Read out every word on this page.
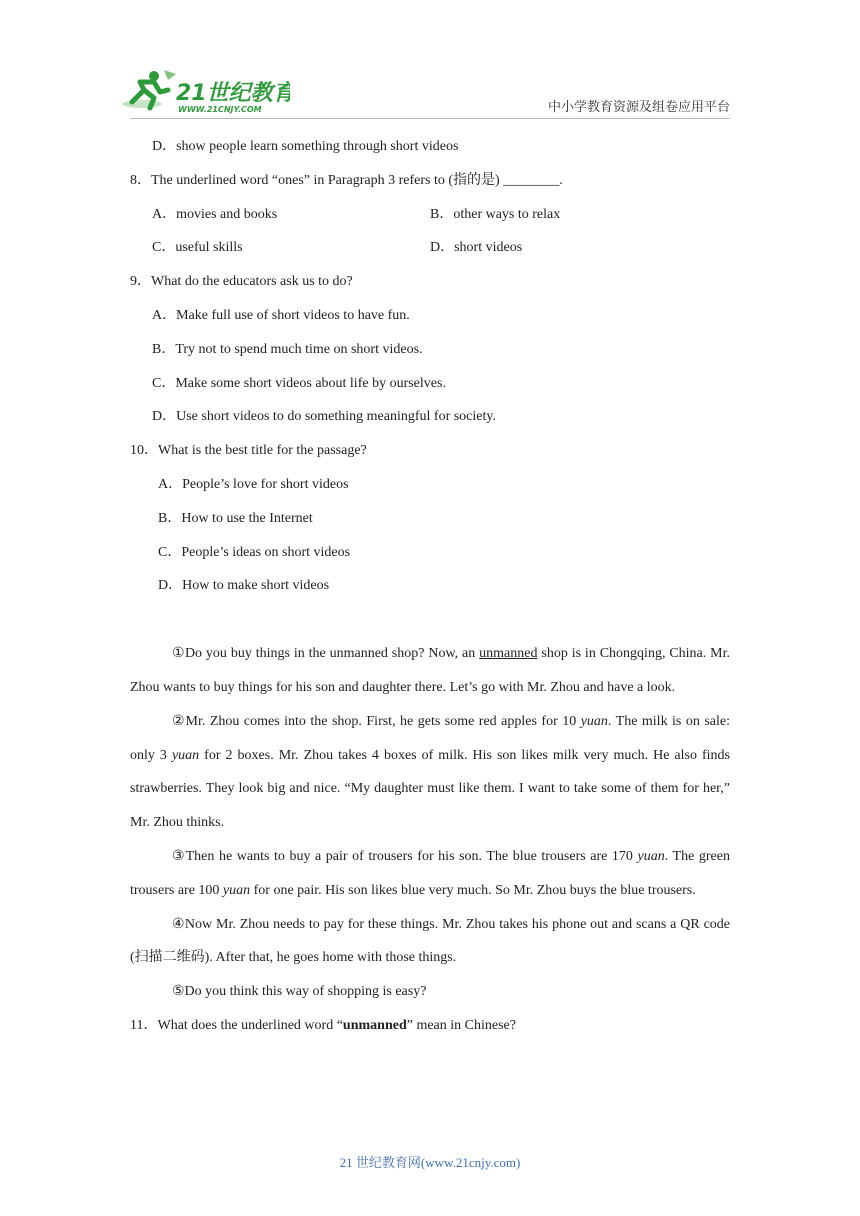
21世纪教育
WWW.21CNJY.COM	中小学教育资源及组卷应用平台
D．show people learn something through short videos
8．The underlined word “ones” in Paragraph 3 refers to (指的是) ________.
A．movies and books	B．other ways to relax
C．useful skills	D．short videos
9．What do the educators ask us to do?
A．Make full use of short videos to have fun.
B．Try not to spend much time on short videos.
C．Make some short videos about life by ourselves.
D．Use short videos to do something meaningful for society.
10．What is the best title for the passage?
A．People’s love for short videos
B．How to use the Internet
C．People’s ideas on short videos
D．How to make short videos
①Do you buy things in the unmanned shop? Now, an unmanned shop is in Chongqing, China. Mr. Zhou wants to buy things for his son and daughter there. Let’s go with Mr. Zhou and have a look.
②Mr. Zhou comes into the shop. First, he gets some red apples for 10 yuan. The milk is on sale: only 3 yuan for 2 boxes. Mr. Zhou takes 4 boxes of milk. His son likes milk very much. He also finds strawberries. They look big and nice. “My daughter must like them. I want to take some of them for her,” Mr. Zhou thinks.
③Then he wants to buy a pair of trousers for his son. The blue trousers are 170 yuan. The green trousers are 100 yuan for one pair. His son likes blue very much. So Mr. Zhou buys the blue trousers.
④Now Mr. Zhou needs to pay for these things. Mr. Zhou takes his phone out and scans a QR code (扫描二维码). After that, he goes home with those things.
⑤Do you think this way of shopping is easy?
11．What does the underlined word “unmanned” mean in Chinese?
21 世纪教育网(www.21cnjy.com)
